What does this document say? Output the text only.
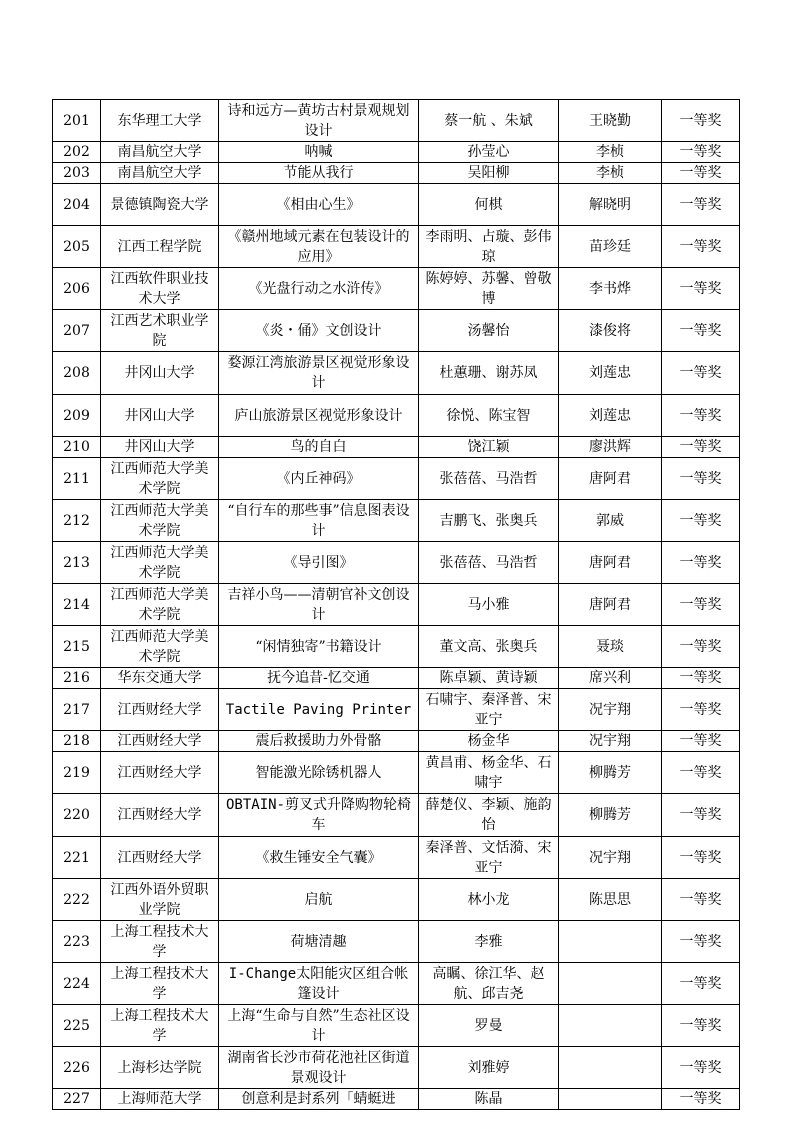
201	东华理工大学	诗和远方—黄坊古村景观规划设计	蔡一航 、朱斌	王晓勤	一等奖
202	南昌航空大学	呐喊	孙莹心	李桢	一等奖
203	南昌航空大学	节能从我行	吴阳柳	李桢	一等奖
204	景德镇陶瓷大学	《相由心生》	何棋	解晓明	一等奖
205	江西工程学院	《赣州地域元素在包装设计的应用》	李雨明、占璇、彭伟琼	苗珍廷	一等奖
206	江西软件职业技术大学	《光盘行动之水浒传》	陈婷婷、苏馨、曾敬博	李书烨	一等奖
207	江西艺术职业学院	《炎・俑》文创设计	汤馨怡	漆俊将	一等奖
208	井冈山大学	婺源江湾旅游景区视觉形象设计	杜蕙珊、谢苏凤	刘莲忠	一等奖
209	井冈山大学	庐山旅游景区视觉形象设计	徐悦、陈宝智	刘莲忠	一等奖
210	井冈山大学	鸟的自白	饶江颖	廖洪辉	一等奖
211	江西师范大学美术学院	《内丘神码》	张蓓蓓、马浩哲	唐阿君	一等奖
212	江西师范大学美术学院	“自行车的那些事”信息图表设计	吉鹏飞、张奥兵	郭威	一等奖
213	江西师范大学美术学院	《导引图》	张蓓蓓、马浩哲	唐阿君	一等奖
214	江西师范大学美术学院	吉祥小鸟——清朝官补文创设计	马小雅	唐阿君	一等奖
215	江西师范大学美术学院	“闲情独寄”书籍设计	董文高、张奥兵	聂琰	一等奖
216	华东交通大学	抚今追昔-忆交通	陈卓颖、黄诗颖	席兴利	一等奖
217	江西财经大学	Tactile Paving Printer	石啸宇、秦泽普、宋亚宁	况宇翔	一等奖
218	江西财经大学	震后救援助力外骨骼	杨金华	况宇翔	一等奖
219	江西财经大学	智能激光除锈机器人	黄昌甫、杨金华、石啸宇	柳腾芳	一等奖
220	江西财经大学	OBTAIN-剪叉式升降购物轮椅车	薛楚仪、李颖、施韵怡	柳腾芳	一等奖
221	江西财经大学	《救生锤安全气囊》	秦泽普、文恬漪、宋亚宁	况宇翔	一等奖
222	江西外语外贸职业学院	启航	林小龙	陈思思	一等奖
223	上海工程技术大学	荷塘清趣	李雅		一等奖
224	上海工程技术大学	I-Change太阳能灾区组合帐篷设计	高瞩、徐江华、赵航、邱吉尧		一等奖
225	上海工程技术大学	上海“生命与自然”生态社区设计	罗曼		一等奖
226	上海杉达学院	湖南省长沙市荷花池社区街道景观设计	刘雅婷		一等奖
227	上海师范大学	创意利是封系列「蜻蜓进	陈晶		一等奖
